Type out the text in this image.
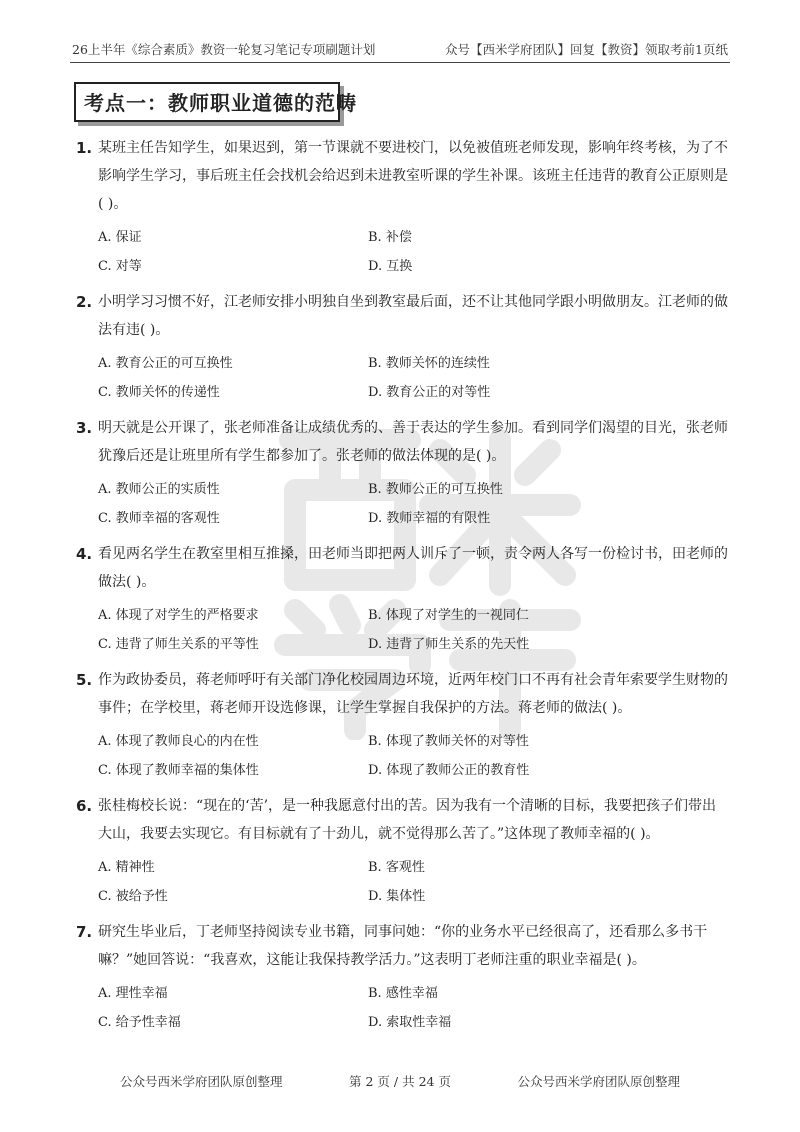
26上半年《综合素质》教资一轮复习笔记专项刷题计划	众号【西米学府团队】回复【教资】领取考前1页纸
考点一：教师职业道德的范畴
1. 某班主任告知学生，如果迟到，第一节课就不要进校门，以免被值班老师发现，影响年终考核，为了不影响学生学习，事后班主任会找机会给迟到未进教室听课的学生补课。该班主任违背的教育公正原则是( )。
A. 保证	B. 补偿
C. 对等	D. 互换
2. 小明学习习惯不好，江老师安排小明独自坐到教室最后面，还不让其他同学跟小明做朋友。江老师的做法有违( )。
A. 教育公正的可互换性	B. 教师关怀的连续性
C. 教师关怀的传递性	D. 教育公正的对等性
3. 明天就是公开课了，张老师准备让成绩优秀的、善于表达的学生参加。看到同学们渴望的目光，张老师犹豫后还是让班里所有学生都参加了。张老师的做法体现的是( )。
A. 教师公正的实质性	B. 教师公正的可互换性
C. 教师幸福的客观性	D. 教师幸福的有限性
4. 看见两名学生在教室里相互推搡，田老师当即把两人训斥了一顿，责令两人各写一份检讨书，田老师的做法( )。
A. 体现了对学生的严格要求	B. 体现了对学生的一视同仁
C. 违背了师生关系的平等性	D. 违背了师生关系的先天性
5. 作为政协委员，蒋老师呼吁有关部门净化校园周边环境，近两年校门口不再有社会青年索要学生财物的事件；在学校里，蒋老师开设选修课，让学生掌握自我保护的方法。蒋老师的做法( )。
A. 体现了教师良心的内在性	B. 体现了教师关怀的对等性
C. 体现了教师幸福的集体性	D. 体现了教师公正的教育性
6. 张桂梅校长说：“现在的‘苦’，是一种我愿意付出的苦。因为我有一个清晰的目标，我要把孩子们带出大山，我要去实现它。有目标就有了十劲儿，就不觉得那么苦了。”这体现了教师幸福的( )。
A. 精神性	B. 客观性
C. 被给予性	D. 集体性
7. 研究生毕业后，丁老师坚持阅读专业书籍，同事问她：“你的业务水平已经很高了，还看那么多书干嘛？”她回答说：“我喜欢，这能让我保持教学活力。”这表明丁老师注重的职业幸福是( )。
A. 理性幸福	B. 感性幸福
C. 给予性幸福	D. 索取性幸福
公众号西米学府团队原创整理	第 2 页 / 共 24 页	公众号西米学府团队原创整理
